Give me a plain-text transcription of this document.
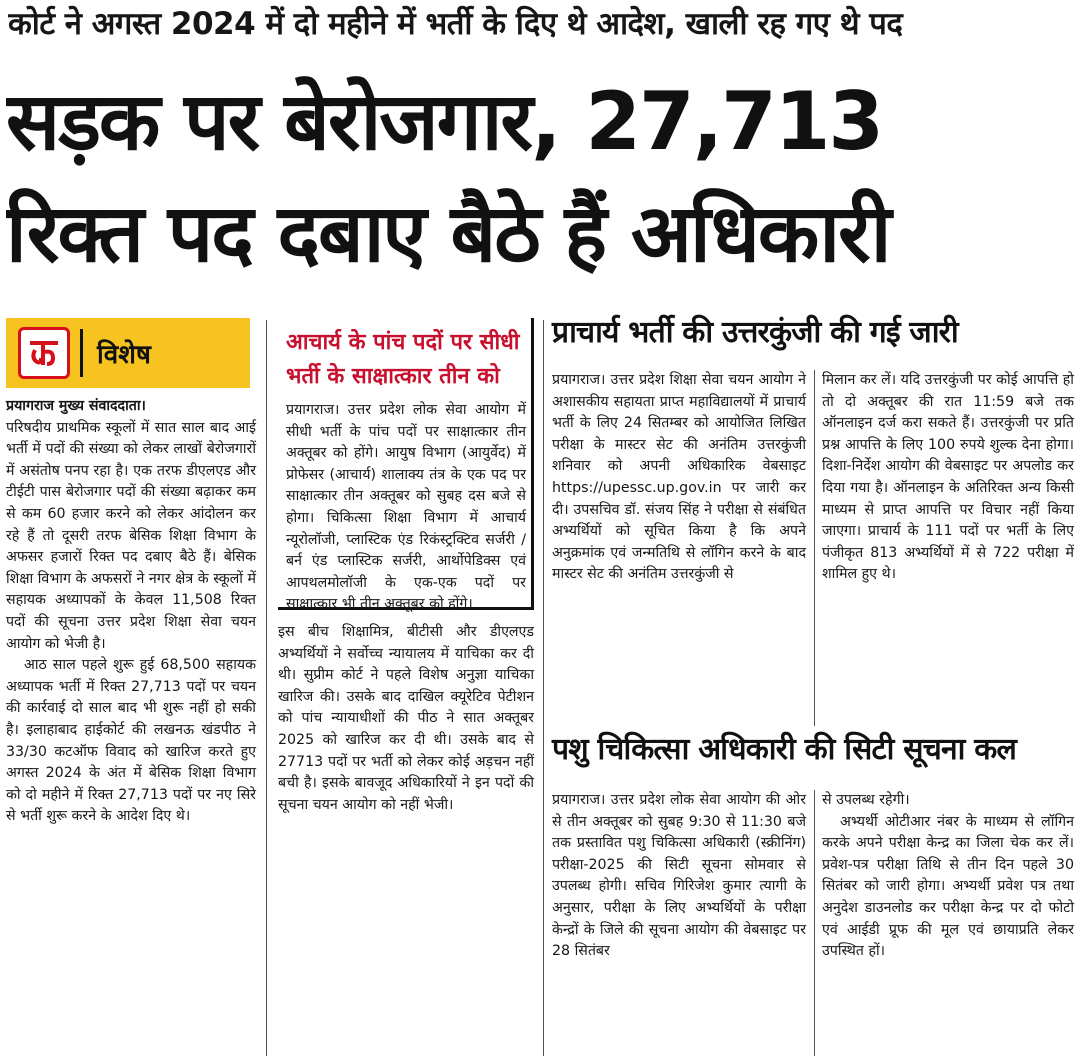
कोर्ट ने अगस्त 2024 में दो महीने में भर्ती के दिए थे आदेश, खाली रह गए थे पद
सड़क पर बेरोजगार, 27,713
रिक्त पद दबाए बैठे हैं अधिकारी
विशेष

प्रयागराज मुख्य संवाददाता।

परिषदीय प्राथमिक स्कूलों में सात साल बाद आई भर्ती में पदों की संख्या को लेकर लाखों बेरोजगारों में असंतोष पनप रहा है। एक तरफ डीएलएड और टीईटी पास बेरोजगार पदों की संख्या बढ़ाकर कम से कम 60 हजार करने को लेकर आंदोलन कर रहे हैं तो दूसरी तरफ बेसिक शिक्षा विभाग के अफसर हजारों रिक्त पद दबाए बैठे हैं। बेसिक शिक्षा विभाग के अफसरों ने नगर क्षेत्र के स्कूलों में सहायक अध्यापकों के केवल 11,508 रिक्त पदों की सूचना उत्तर प्रदेश शिक्षा सेवा चयन आयोग को भेजी है।

आठ साल पहले शुरू हुई 68,500 सहायक अध्यापक भर्ती में रिक्त 27,713 पदों पर चयन की कार्रवाई दो साल बाद भी शुरू नहीं हो सकी है। इलाहाबाद हाईकोर्ट की लखनऊ खंडपीठ ने 33/30 कटऑफ विवाद को खारिज करते हुए अगस्त 2024 के अंत में बेसिक शिक्षा विभाग को दो महीने में रिक्त 27,713 पदों पर नए सिरे से भर्ती शुरू करने के आदेश दिए थे।

आचार्य के पांच पदों पर सीधी भर्ती के साक्षात्कार तीन को
प्रयागराज। उत्तर प्रदेश लोक सेवा आयोग में सीधी भर्ती के पांच पदों पर साक्षात्कार तीन अक्तूबर को होंगे। आयुष विभाग (आयुर्वेद) में प्रोफेसर (आचार्य) शालाक्य तंत्र के एक पद पर साक्षात्कार तीन अक्तूबर को सुबह दस बजे से होगा। चिकित्सा शिक्षा विभाग में आचार्य न्यूरोलॉजी, प्लास्टिक एंड रिकंस्ट्रक्टिव सर्जरी /बर्न एंड प्लास्टिक सर्जरी, आर्थोपेडिक्स एवं आपथलमोलॉजी के एक-एक पदों पर साक्षात्कार भी तीन अक्तूबर को होंगे।
इस बीच शिक्षामित्र, बीटीसी और डीएलएड अभ्यर्थियों ने सर्वोच्च न्यायालय में याचिका कर दी थी। सुप्रीम कोर्ट ने पहले विशेष अनुज्ञा याचिका खारिज की। उसके बाद दाखिल क्यूरेटिव पेटीशन को पांच न्यायाधीशों की पीठ ने सात अक्तूबर 2025 को खारिज कर दी थी। उसके बाद से 27713 पदों पर भर्ती को लेकर कोई अड़चन नहीं बची है। इसके बावजूद अधिकारियों ने इन पदों की सूचना चयन आयोग को नहीं भेजी।
प्राचार्य भर्ती की उत्तरकुंजी की गई जारी
प्रयागराज। उत्तर प्रदेश शिक्षा सेवा चयन आयोग ने अशासकीय सहायता प्राप्त महाविद्यालयों में प्राचार्य भर्ती के लिए 24 सितम्बर को आयोजित लिखित परीक्षा के मास्टर सेट की अनंतिम उत्तरकुंजी शनिवार को अपनी अधिकारिक वेबसाइट https://upessc.up.gov.in पर जारी कर दी। उपसचिव डॉ. संजय सिंह ने परीक्षा से संबंधित अभ्यर्थियों को सूचित किया है कि अपने अनुक्रमांक एवं जन्मतिथि से लॉगिन करने के बाद मास्टर सेट की अनंतिम उत्तरकुंजी से
मिलान कर लें। यदि उत्तरकुंजी पर कोई आपत्ति हो तो दो अक्तूबर की रात 11:59 बजे तक ऑनलाइन दर्ज करा सकते हैं। उत्तरकुंजी पर प्रति प्रश्न आपत्ति के लिए 100 रुपये शुल्क देना होगा। दिशा-निर्देश आयोग की वेबसाइट पर अपलोड कर दिया गया है। ऑनलाइन के अतिरिक्त अन्य किसी माध्यम से प्राप्त आपत्ति पर विचार नहीं किया जाएगा। प्राचार्य के 111 पदों पर भर्ती के लिए पंजीकृत 813 अभ्यर्थियों में से 722 परीक्षा में शामिल हुए थे।
पशु चिकित्सा अधिकारी की सिटी सूचना कल
प्रयागराज। उत्तर प्रदेश लोक सेवा आयोग की ओर से तीन अक्तूबर को सुबह 9:30 से 11:30 बजे तक प्रस्तावित पशु चिकित्सा अधिकारी (स्क्रीनिंग) परीक्षा-2025 की सिटी सूचना सोमवार से उपलब्ध होगी। सचिव गिरिजेश कुमार त्यागी के अनुसार, परीक्षा के लिए अभ्यर्थियों के परीक्षा केन्द्रों के जिले की सूचना आयोग की वेबसाइट पर 28 सितंबर

से उपलब्ध रहेगी।

अभ्यर्थी ओटीआर नंबर के माध्यम से लॉगिन करके अपने परीक्षा केन्द्र का जिला चेक कर लें। प्रवेश-पत्र परीक्षा तिथि से तीन दिन पहले 30 सितंबर को जारी होगा। अभ्यर्थी प्रवेश पत्र तथा अनुदेश डाउनलोड कर परीक्षा केन्द्र पर दो फोटो एवं आईडी प्रूफ की मूल एवं छायाप्रति लेकर उपस्थित हों।
